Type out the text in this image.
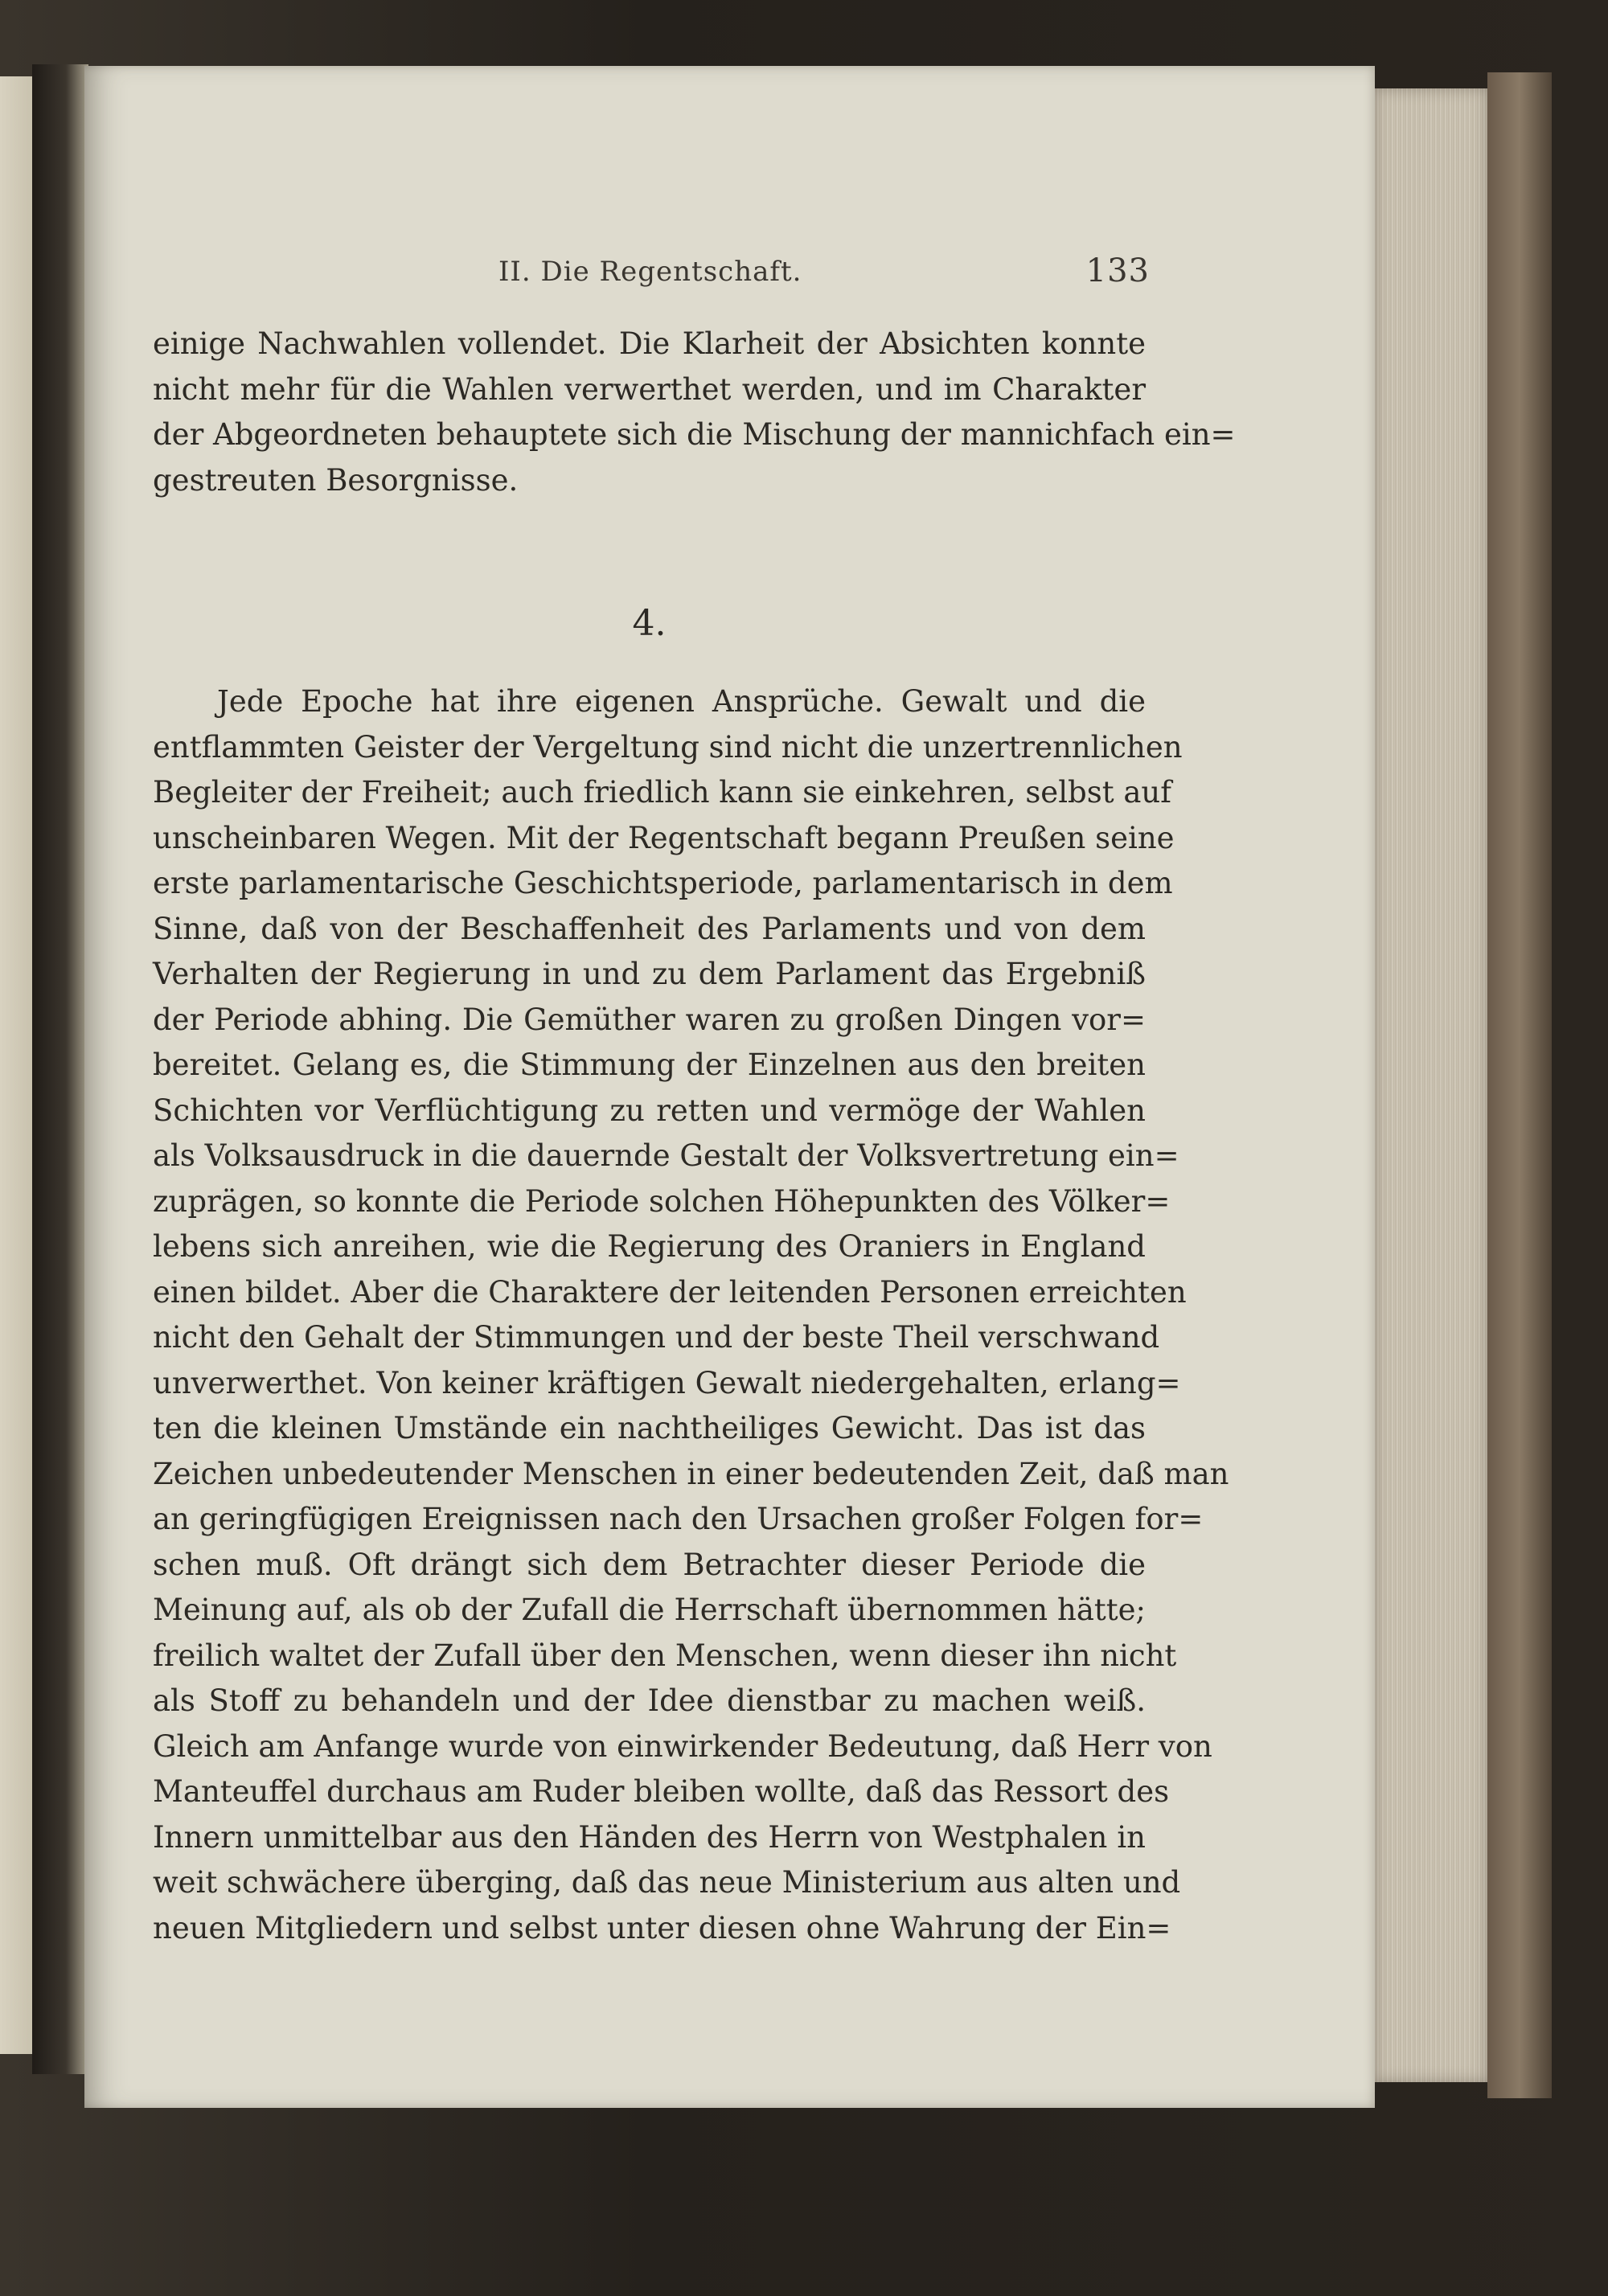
II. Die Regentschaft.	133
einige Nachwahlen vollendet. Die Klarheit der Absichten konnte
nicht mehr für die Wahlen verwerthet werden, und im Charakter
der Abgeordneten behauptete sich die Mischung der mannichfach ein=
gestreuten Besorgnisse.
4.
Jede Epoche hat ihre eigenen Ansprüche. Gewalt und die
entflammten Geister der Vergeltung sind nicht die unzertrennlichen
Begleiter der Freiheit; auch friedlich kann sie einkehren, selbst auf
unscheinbaren Wegen. Mit der Regentschaft begann Preußen seine
erste parlamentarische Geschichtsperiode, parlamentarisch in dem
Sinne, daß von der Beschaffenheit des Parlaments und von dem
Verhalten der Regierung in und zu dem Parlament das Ergebniß
der Periode abhing. Die Gemüther waren zu großen Dingen vor=
bereitet. Gelang es, die Stimmung der Einzelnen aus den breiten
Schichten vor Verflüchtigung zu retten und vermöge der Wahlen
als Volksausdruck in die dauernde Gestalt der Volksvertretung ein=
zuprägen, so konnte die Periode solchen Höhepunkten des Völker=
lebens sich anreihen, wie die Regierung des Oraniers in England
einen bildet. Aber die Charaktere der leitenden Personen erreichten
nicht den Gehalt der Stimmungen und der beste Theil verschwand
unverwerthet. Von keiner kräftigen Gewalt niedergehalten, erlang=
ten die kleinen Umstände ein nachtheiliges Gewicht. Das ist das
Zeichen unbedeutender Menschen in einer bedeutenden Zeit, daß man
an geringfügigen Ereignissen nach den Ursachen großer Folgen for=
schen muß. Oft drängt sich dem Betrachter dieser Periode die
Meinung auf, als ob der Zufall die Herrschaft übernommen hätte;
freilich waltet der Zufall über den Menschen, wenn dieser ihn nicht
als Stoff zu behandeln und der Idee dienstbar zu machen weiß.
Gleich am Anfange wurde von einwirkender Bedeutung, daß Herr von
Manteuffel durchaus am Ruder bleiben wollte, daß das Ressort des
Innern unmittelbar aus den Händen des Herrn von Westphalen in
weit schwächere überging, daß das neue Ministerium aus alten und
neuen Mitgliedern und selbst unter diesen ohne Wahrung der Ein=
